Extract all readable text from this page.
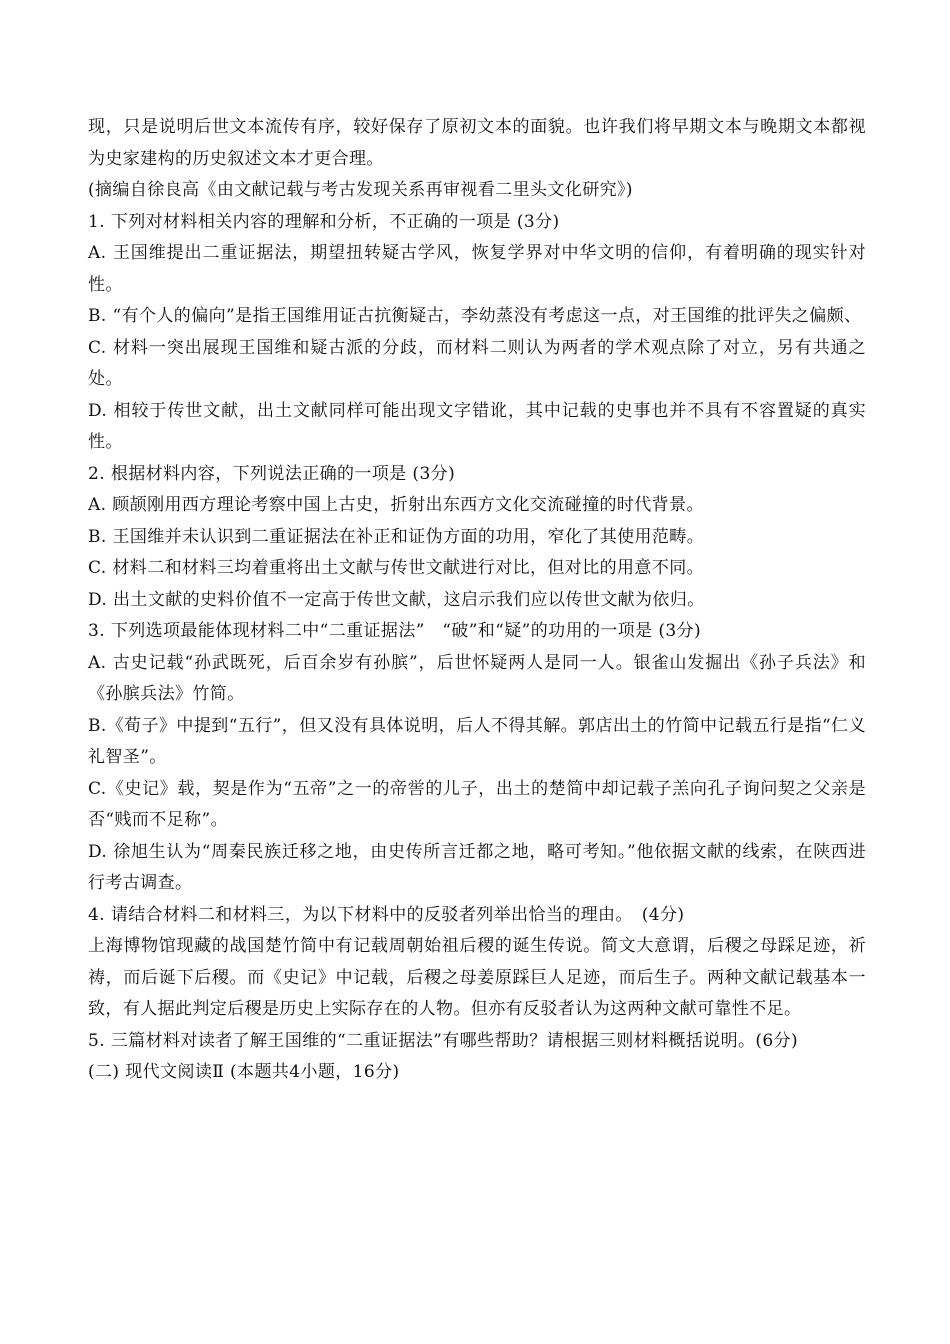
现，只是说明后世文本流传有序，较好保存了原初文本的面貌。也许我们将早期文本与晚期文本都视为史家建构的历史叙述文本才更合理。

(摘编自徐良高《由文献记载与考古发现关系再审视看二里头文化研究》)

1. 下列对材料相关内容的理解和分析，不正确的一项是 (3分)

A. 王国维提出二重证据法，期望扭转疑古学风，恢复学界对中华文明的信仰，有着明确的现实针对性。

B. “有个人的偏向”是指王国维用证古抗衡疑古，李幼蒸没有考虑这一点，对王国维的批评失之偏颇、

C. 材料一突出展现王国维和疑古派的分歧，而材料二则认为两者的学术观点除了对立，另有共通之处。

D. 相较于传世文献，出土文献同样可能出现文字错讹，其中记载的史事也并不具有不容置疑的真实性。

2. 根据材料内容，下列说法正确的一项是 (3分)

A. 顾颉刚用西方理论考察中国上古史，折射出东西方文化交流碰撞的时代背景。

B. 王国维并未认识到二重证据法在补正和证伪方面的功用，窄化了其使用范畴。

C. 材料二和材料三均着重将出土文献与传世文献进行对比，但对比的用意不同。

D. 出土文献的史料价值不一定高于传世文献，这启示我们应以传世文献为依归。

3. 下列选项最能体现材料二中“二重证据法”　“破”和“疑”的功用的一项是 (3分)

A. 古史记载“孙武既死，后百余岁有孙膑”，后世怀疑两人是同一人。银雀山发掘出《孙子兵法》和《孙膑兵法》竹简。

B.《荀子》中提到“五行”，但又没有具体说明，后人不得其解。郭店出土的竹简中记载五行是指“仁义礼智圣”。

C.《史记》载，契是作为“五帝”之一的帝喾的儿子，出土的楚简中却记载子羔向孔子询问契之父亲是否“贱而不足称”。

D. 徐旭生认为“周秦民族迁移之地，由史传所言迁都之地，略可考知。”他依据文献的线索，在陕西进行考古调查。

4. 请结合材料二和材料三，为以下材料中的反驳者列举出恰当的理由。　(4分)

上海博物馆现藏的战国楚竹简中有记载周朝始祖后稷的诞生传说。简文大意谓，后稷之母踩足迹，祈祷，而后诞下后稷。而《史记》中记载，后稷之母姜原踩巨人足迹，而后生子。两种文献记载基本一致，有人据此判定后稷是历史上实际存在的人物。但亦有反驳者认为这两种文献可靠性不足。

5. 三篇材料对读者了解王国维的“二重证据法”有哪些帮助？请根据三则材料概括说明。(6分)

(二) 现代文阅读Ⅱ (本题共4小题，16分)
